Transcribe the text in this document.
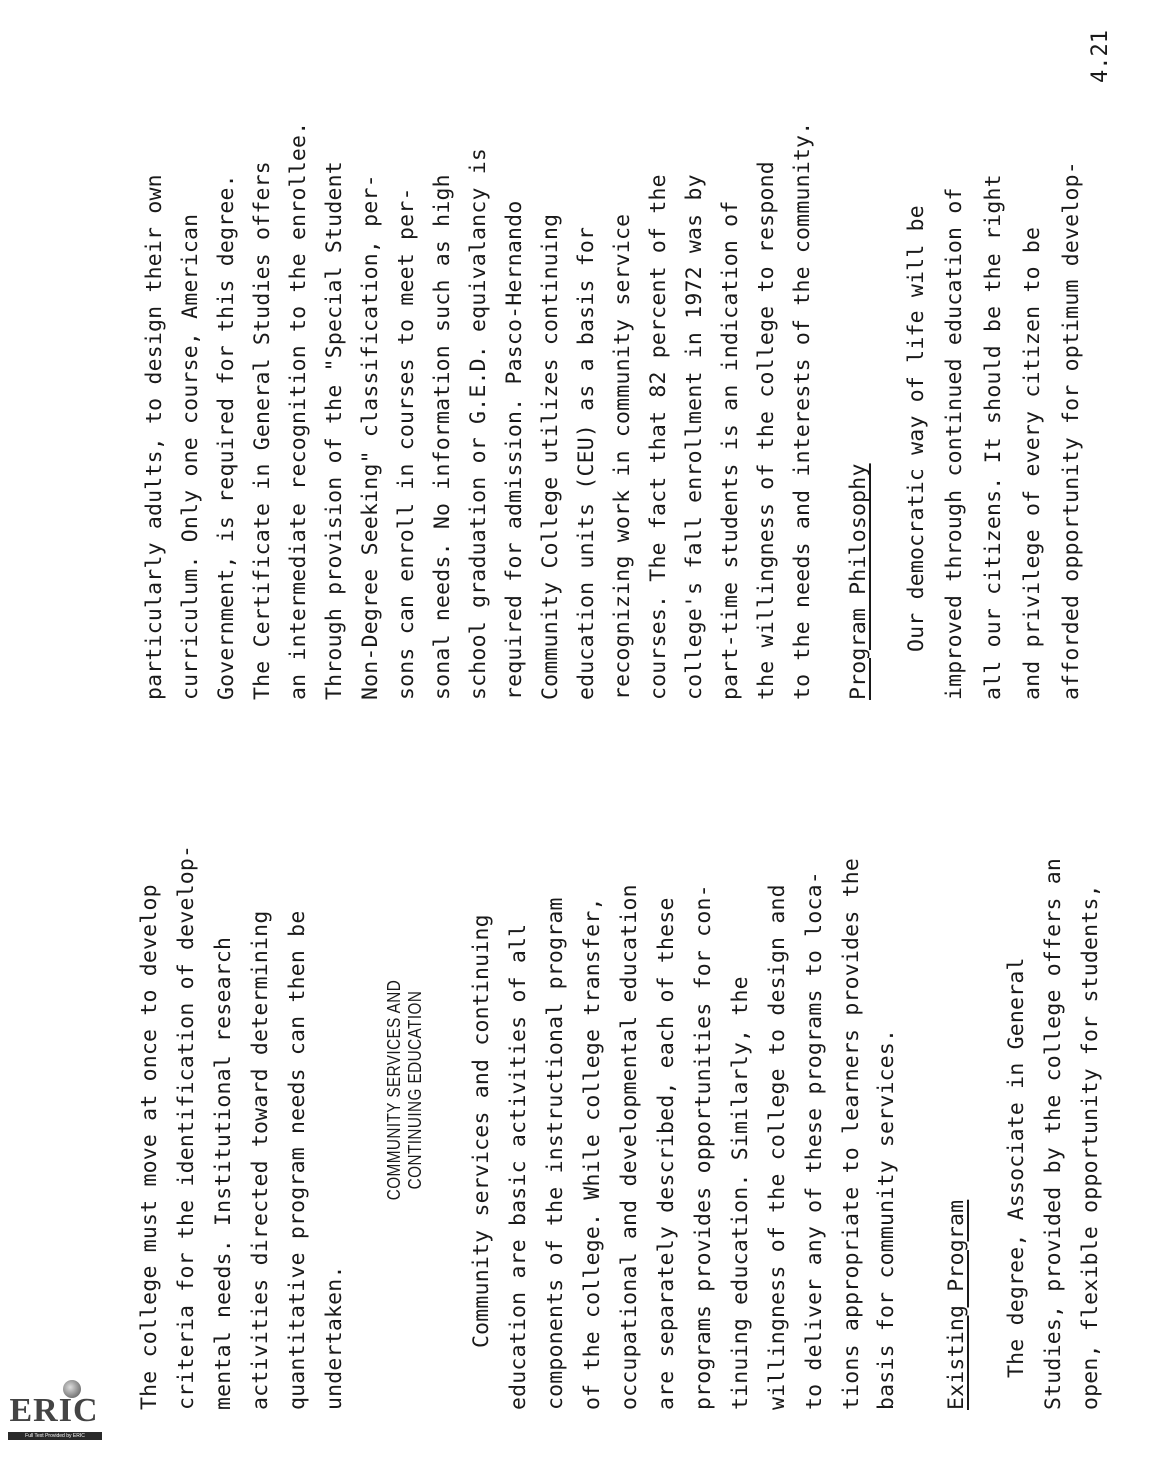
ERIC
Full Text Provided by ERIC
The college must move at once to develop criteria for the identification of develop- mental needs. Institutional research activities directed toward determining quantitative program needs can then be undertaken.
COMMUNITY SERVICES AND CONTINUING EDUCATION Community services and continuing education are basic activities of all components of the instructional program of the college. While college transfer, occupational and developmental education are separately described, each of these programs provides opportunities for con- tinuing education. Similarly, the willingness of the college to design and to deliver any of these programs to loca- tions appropriate to learners provides the basis for community services. Existing Program The degree, Associate in General Studies, provided by the college offers an open, flexible opportunity for students,
particularly adults, to design their own curriculum. Only one course, American Government, is required for this degree. The Certificate in General Studies offers an intermediate recognition to the enrollee. Through provision of the "Special Student Non-Degree Seeking" classification, per- sons can enroll in courses to meet per- sonal needs. No information such as high school graduation or G.E.D. equivalancy is required for admission. Pasco-Hernando Community College utilizes continuing education units (CEU) as a basis for recognizing work in community service courses. The fact that 82 percent of the college's fall enrollment in 1972 was by part-time students is an indication of the willingness of the college to respond to the needs and interests of the community. Program Philosophy Our democratic way of life will be improved through continued education of all our citizens. It should be the right and privilege of every citizen to be afforded opportunity for optimum develop-
4.21
